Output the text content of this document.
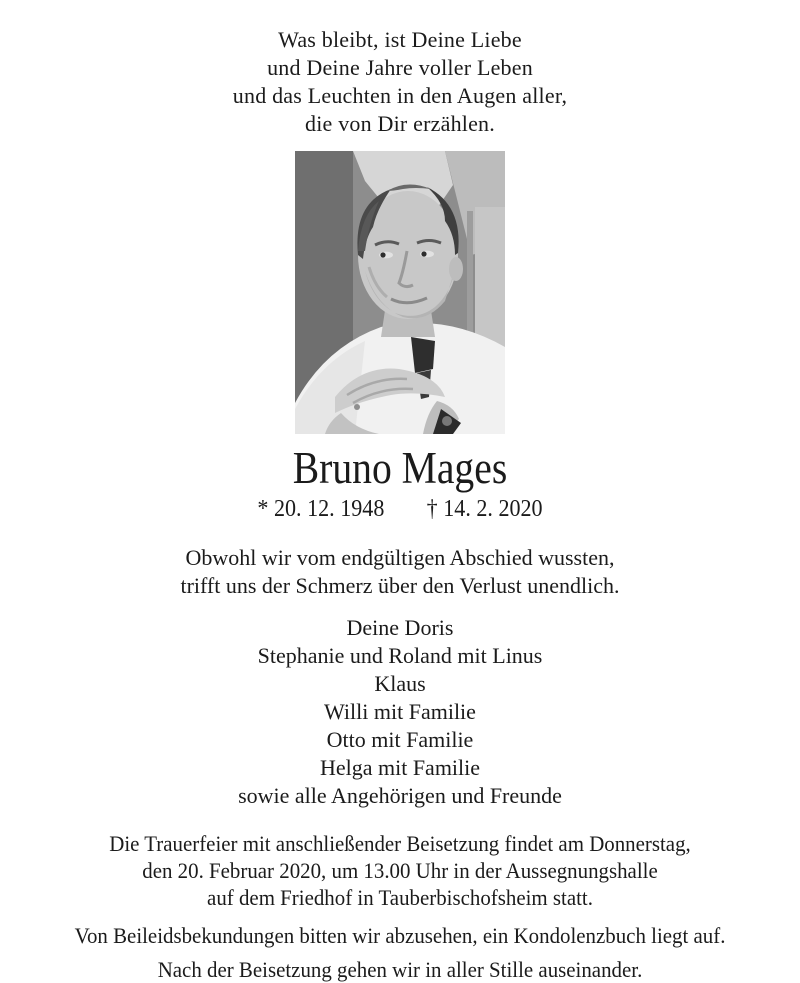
Was bleibt, ist Deine Liebe
und Deine Jahre voller Leben
und das Leuchten in den Augen aller,
die von Dir erzählen.
Bruno Mages
* 20. 12. 1948 † 14. 2. 2020
Obwohl wir vom endgültigen Abschied wussten,
trifft uns der Schmerz über den Verlust unendlich.
Deine Doris
Stephanie und Roland mit Linus
Klaus
Willi mit Familie
Otto mit Familie
Helga mit Familie
sowie alle Angehörigen und Freunde
Die Trauerfeier mit anschließender Beisetzung findet am Donnerstag,
den 20. Februar 2020, um 13.00 Uhr in der Aussegnungshalle
auf dem Friedhof in Tauberbischofsheim statt.
Von Beileidsbekundungen bitten wir abzusehen, ein Kondolenzbuch liegt auf.
Nach der Beisetzung gehen wir in aller Stille auseinander.
